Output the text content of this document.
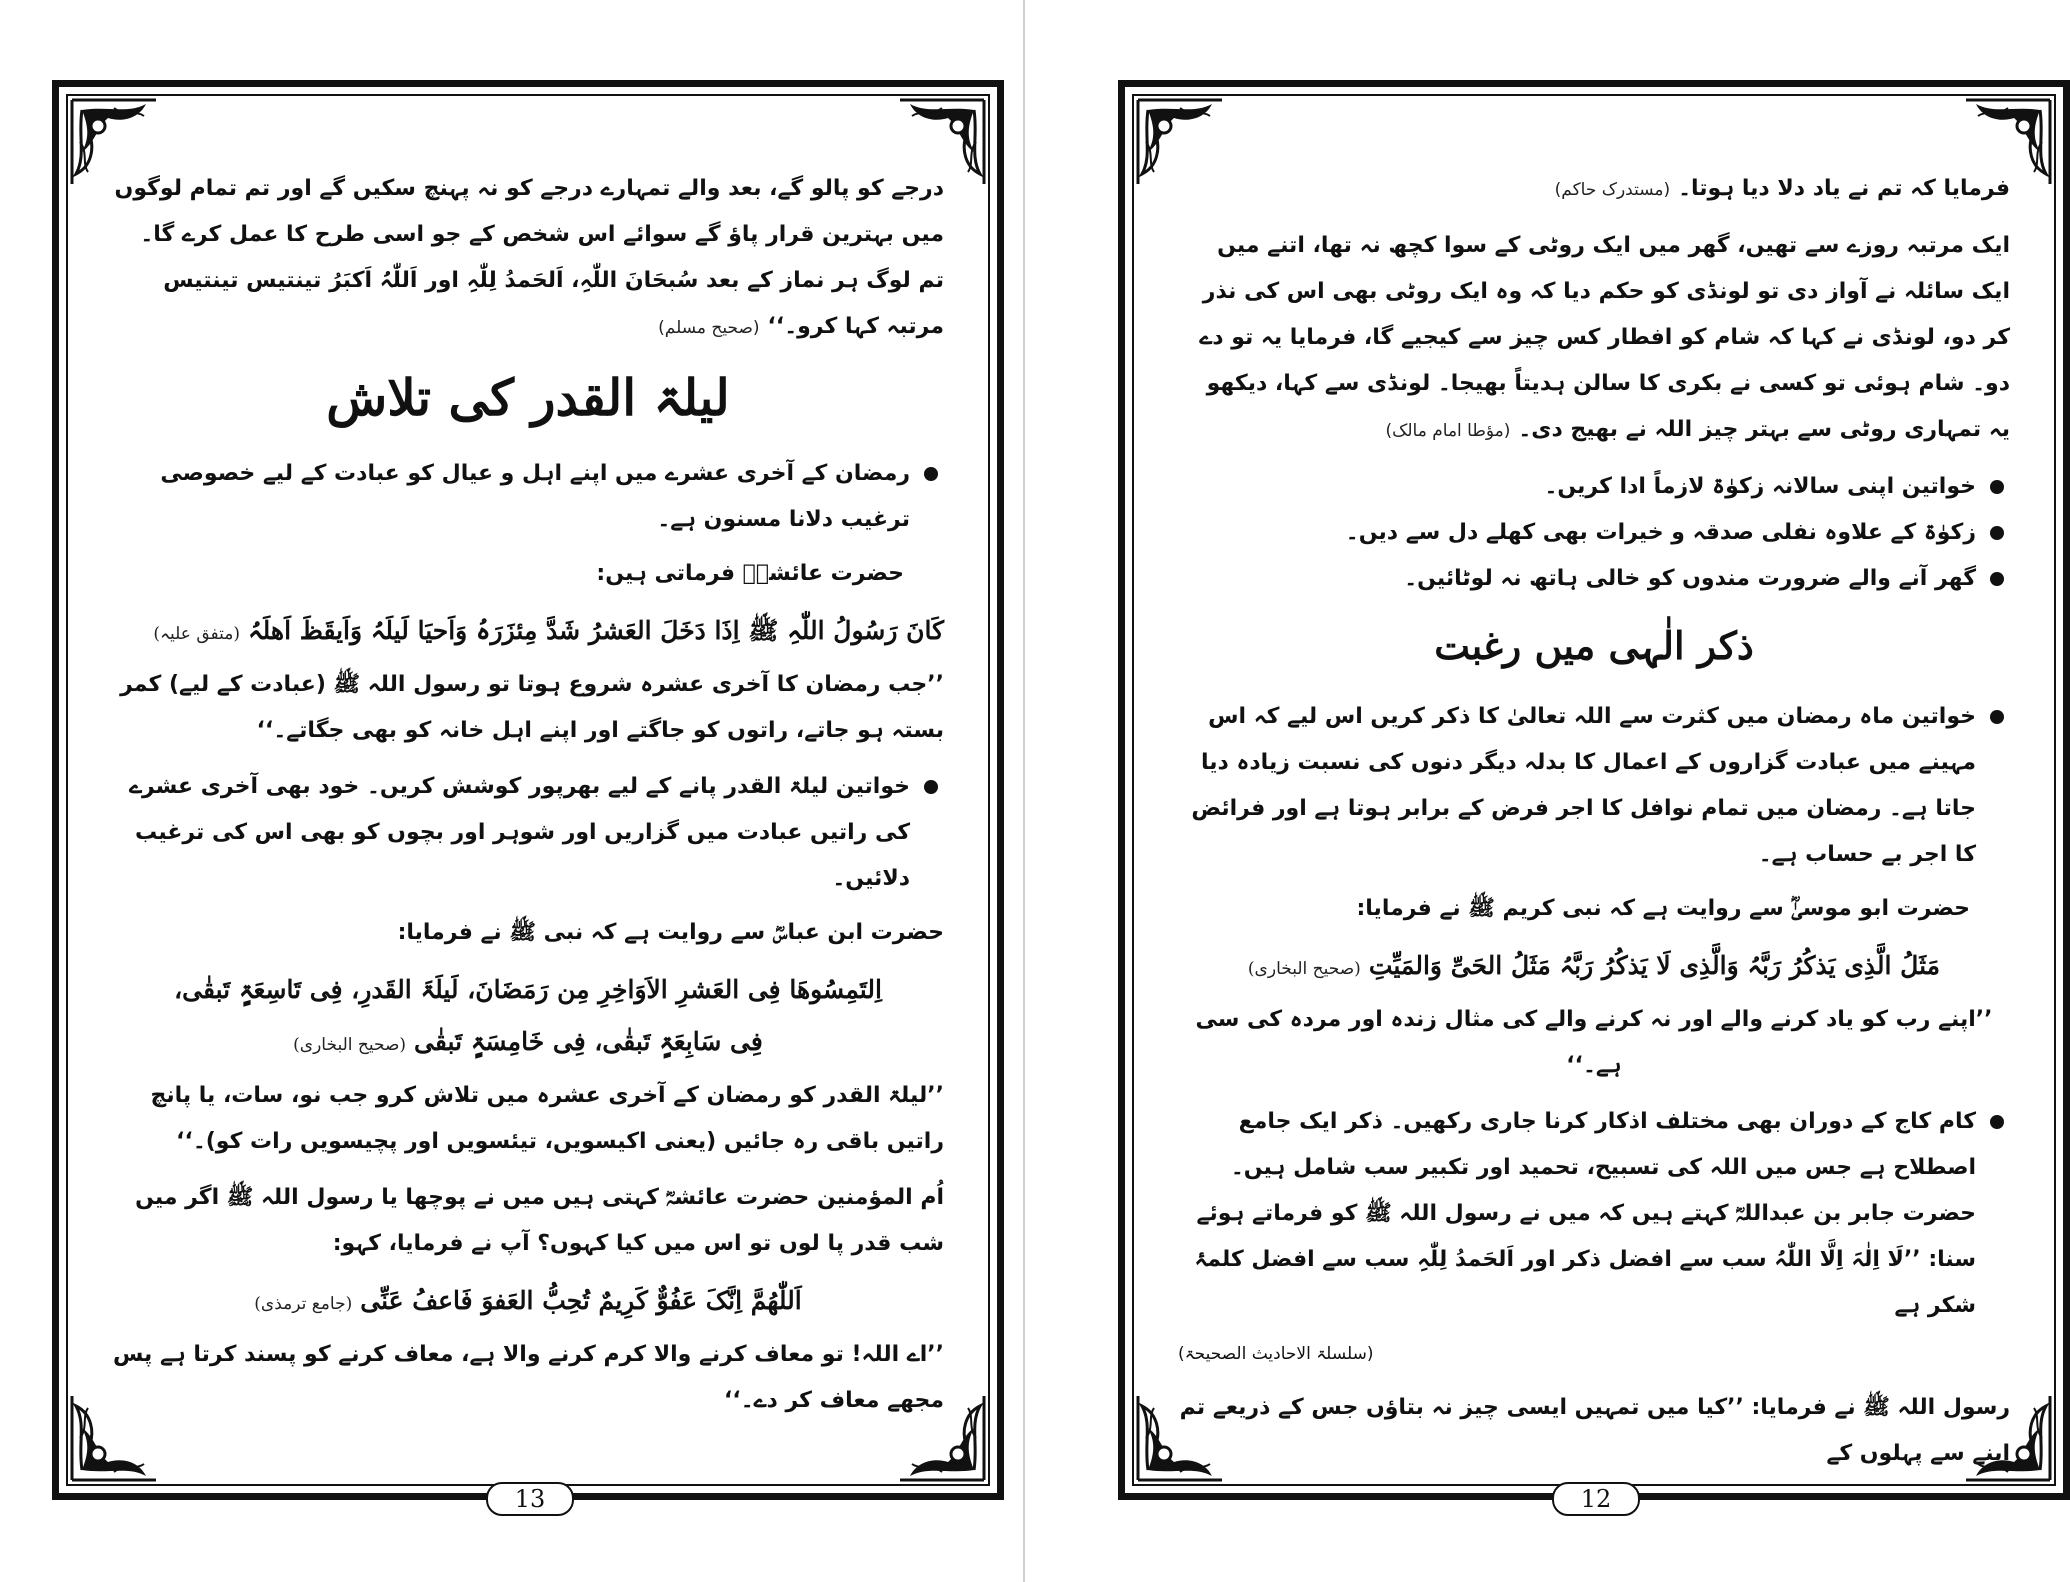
درجے کو پالو گے، بعد والے تمہارے درجے کو نہ پہنچ سکیں گے اور تم تمام لوگوں میں بہترین قرار پاؤ گے سوائے اس شخص کے جو اسی طرح کا عمل کرے گا۔ تم لوگ ہر نماز کے بعد سُبحَانَ اللّٰہِ، اَلحَمدُ لِلّٰہِ اور اَللّٰہُ اَکبَرُ تینتیس تینتیس مرتبہ کہا کرو۔‘‘(صحیح مسلم)

لیلۃ القدر کی تلاش
رمضان کے آخری عشرے میں اپنے اہل و عیال کو عبادت کے لیے خصوصی ترغیب دلانا مسنون ہے۔

حضرت عائشہؓ فرماتی ہیں:

کَانَ رَسُولُ اللّٰہِ ﷺ اِذَا دَخَلَ العَشرُ شَدَّ مِئزَرَہُ وَاَحیَا لَیلَہُ وَاَیقَظَ اَھلَہُ(متفق علیہ)

’’جب رمضان کا آخری عشرہ شروع ہوتا تو رسول اللہ ﷺ (عبادت کے لیے) کمر بستہ ہو جاتے، راتوں کو جاگتے اور اپنے اہل خانہ کو بھی جگاتے۔‘‘

خواتین لیلۃ القدر پانے کے لیے بھرپور کوشش کریں۔ خود بھی آخری عشرے کی راتیں عبادت میں گزاریں اور شوہر اور بچوں کو بھی اس کی ترغیب دلائیں۔

حضرت ابن عباسؓ سے روایت ہے کہ نبی ﷺ نے فرمایا:

اِلتَمِسُوھَا فِی العَشرِ الاَوَاخِرِ مِن رَمَضَانَ، لَیلَۃَ القَدرِ، فِی تَاسِعَۃٍ تَبقٰی،

فِی سَابِعَۃٍ تَبقٰی، فِی خَامِسَۃٍ تَبقٰی(صحیح البخاری)

’’لیلۃ القدر کو رمضان کے آخری عشرہ میں تلاش کرو جب نو، سات، یا پانچ راتیں باقی رہ جائیں (یعنی اکیسویں، تیئسویں اور پچیسویں رات کو)۔‘‘

اُم المؤمنین حضرت عائشہؓ کہتی ہیں میں نے پوچھا یا رسول اللہ ﷺ اگر میں شب قدر پا لوں تو اس میں کیا کہوں؟ آپ نے فرمایا، کہو:

اَللّٰھُمَّ اِنَّکَ عَفُوٌّ کَرِیمٌ تُحِبُّ العَفوَ فَاعفُ عَنِّی(جامع ترمذی)

’’اے اللہ! تو معاف کرنے والا کرم کرنے والا ہے، معاف کرنے کو پسند کرتا ہے پس مجھے معاف کر دے۔‘‘

13

فرمایا کہ تم نے یاد دلا دیا ہوتا۔(مستدرک حاکم)

ایک مرتبہ روزے سے تھیں، گھر میں ایک روٹی کے سوا کچھ نہ تھا، اتنے میں ایک سائلہ نے آواز دی تو لونڈی کو حکم دیا کہ وہ ایک روٹی بھی اس کی نذر کر دو، لونڈی نے کہا کہ شام کو افطار کس چیز سے کیجیے گا، فرمایا یہ تو دے دو۔ شام ہوئی تو کسی نے بکری کا سالن ہدیتاً بھیجا۔ لونڈی سے کہا، دیکھو یہ تمہاری روٹی سے بہتر چیز اللہ نے بھیج دی۔(مؤطا امام مالک)

خواتین اپنی سالانہ زکوٰۃ لازماً ادا کریں۔
زکوٰۃ کے علاوہ نفلی صدقہ و خیرات بھی کھلے دل سے دیں۔
گھر آنے والے ضرورت مندوں کو خالی ہاتھ نہ لوٹائیں۔
ذکر الٰہی میں رغبت
خواتین ماہ رمضان میں کثرت سے اللہ تعالیٰ کا ذکر کریں اس لیے کہ اس مہینے میں عبادت گزاروں کے اعمال کا بدلہ دیگر دنوں کی نسبت زیادہ دیا جاتا ہے۔ رمضان میں تمام نوافل کا اجر فرض کے برابر ہوتا ہے اور فرائض کا اجر بے حساب ہے۔

حضرت ابو موسیٰؓ سے روایت ہے کہ نبی کریم ﷺ نے فرمایا:

مَثَلُ الَّذِی یَذکُرُ رَبَّہُ وَالَّذِی لَا یَذکُرُ رَبَّہُ مَثَلُ الحَیِّ وَالمَیِّتِ(صحیح البخاری)

’’اپنے رب کو یاد کرنے والے اور نہ کرنے والے کی مثال زندہ اور مردہ کی سی ہے۔‘‘

کام کاج کے دوران بھی مختلف اذکار کرنا جاری رکھیں۔ ذکر ایک جامع اصطلاح ہے جس میں اللہ کی تسبیح، تحمید اور تکبیر سب شامل ہیں۔ حضرت جابر بن عبداللہؓ کہتے ہیں کہ میں نے رسول اللہ ﷺ کو فرماتے ہوئے سنا: ’’لَا اِلٰہَ اِلَّا اللّٰہُ سب سے افضل ذکر اور اَلحَمدُ لِلّٰہِ سب سے افضل کلمۂ شکر ہے

(سلسلۃ الاحادیث الصحیحۃ)

رسول اللہ ﷺ نے فرمایا: ’’کیا میں تمہیں ایسی چیز نہ بتاؤں جس کے ذریعے تم اپنے سے پہلوں کے

12
